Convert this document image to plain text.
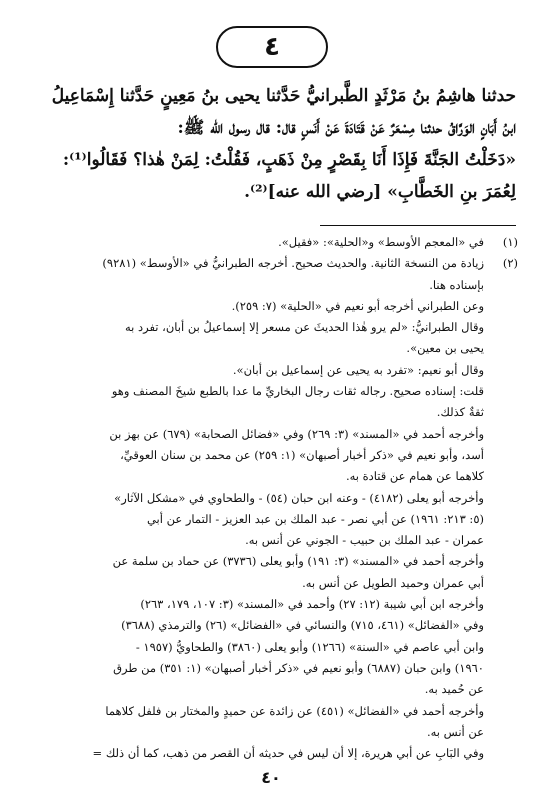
٤

حدثنا هاشِمُ بنُ مَرْثَدٍ الطَّبرانيُّ حَدَّثنا يحيى بنُ مَعِينٍ حَدَّثنا إِسْمَاعِيلُ
ابنُ أَبَانٍ الوَرَّاقُ حدثنا مِسْعَرٌ عَنْ قَتَادَةَ عَنْ أَنَسٍ قال: قال رسول الله ﷺ:
«دَخَلْتُ الجَنَّةَ فَإِذَا أَنَا بِقَصْرٍ مِنْ ذَهَبٍ، فَقُلْتُ: لِمَنْ هٰذا؟ فَقَالُوا⁽¹⁾:
لِعُمَرَ بنِ الخَطَّابِ» [رضي الله عنه]⁽²⁾.

(١)
في «المعجم الأوسط» و«الحلية»: «فقيل».
(٢)
زيادة من النسخة الثانية. والحديث صحيح. أخرجه الطبرانيُّ في «الأوسط» (٩٢٨١)
بإسناده هنا.
وعن الطبراني أخرجه أبو نعيم في «الحلية» (٧: ٢٥٩).
وقال الطبرانيُّ: «لم يرو هٰذا الحديثَ عن مسعر إلا إسماعيلُ بن أبان، تفرد به
يحيى بن معين».
وقال أبو نعيم: «تفرد به يحيى عن إسماعيل بن أبان».
قلت: إسناده صحيح. رجاله ثقات رجال البخاريِّ ما عدا بالطبع شيخَ المصنف وهو
ثقةٌ كذلك.
وأخرجه أحمد في «المسند» (٣: ٢٦٩) وفي «فضائل الصحابة» (٦٧٩) عن بهز بن
أسد، وأبو نعيم في «ذكر أخبار أصبهان» (١: ٢٥٩) عن محمد بن سنان العوقيِّ،
كلاهما عن همام عن قتادة به.
وأخرجه أبو يعلى (٤١٨٢) - وعنه ابن حبان (٥٤) - والطحاوي في «مشكل الآثار»
(٥: ٢١٣: ١٩٦١) عن أبي نصر - عبد الملك بن عبد العزيز - التمار عن أبي
عمران - عبد الملك بن حبيب - الجوني عن أنس به.
وأخرجه أحمد في «المسند» (٣: ١٩١) وأبو يعلى (٣٧٣٦) عن حماد بن سلمة عن
أبي عمران وحميد الطويل عن أنس به.
وأخرجه ابن أبي شيبة (١٢: ٢٧) وأحمد في «المسند» (٣: ١٠٧، ١٧٩، ٢٦٣)
وفي «الفضائل» (٤٦١، ٧١٥) والنسائي في «الفضائل» (٢٦) والترمذي (٣٦٨٨)
وابن أبي عاصم في «السنة» (١٢٦٦) وأبو يعلى (٣٨٦٠) والطحاويُّ (١٩٥٧ -
١٩٦٠) وابن حبان (٦٨٨٧) وأبو نعيم في «ذكر أخبار أصبهان» (١: ٣٥١) من طرق
عن حُميد به.
وأخرجه أحمد في «الفضائل» (٤٥١) عن زائدة عن حميدٍ والمختار بن فلفل كلاهما
عن أنس به.
وفي البَابِ عن أبي هريرة، إلا أن ليس في حديثه أن القصر من ذهب، كما أن ذلك =
٤٠
